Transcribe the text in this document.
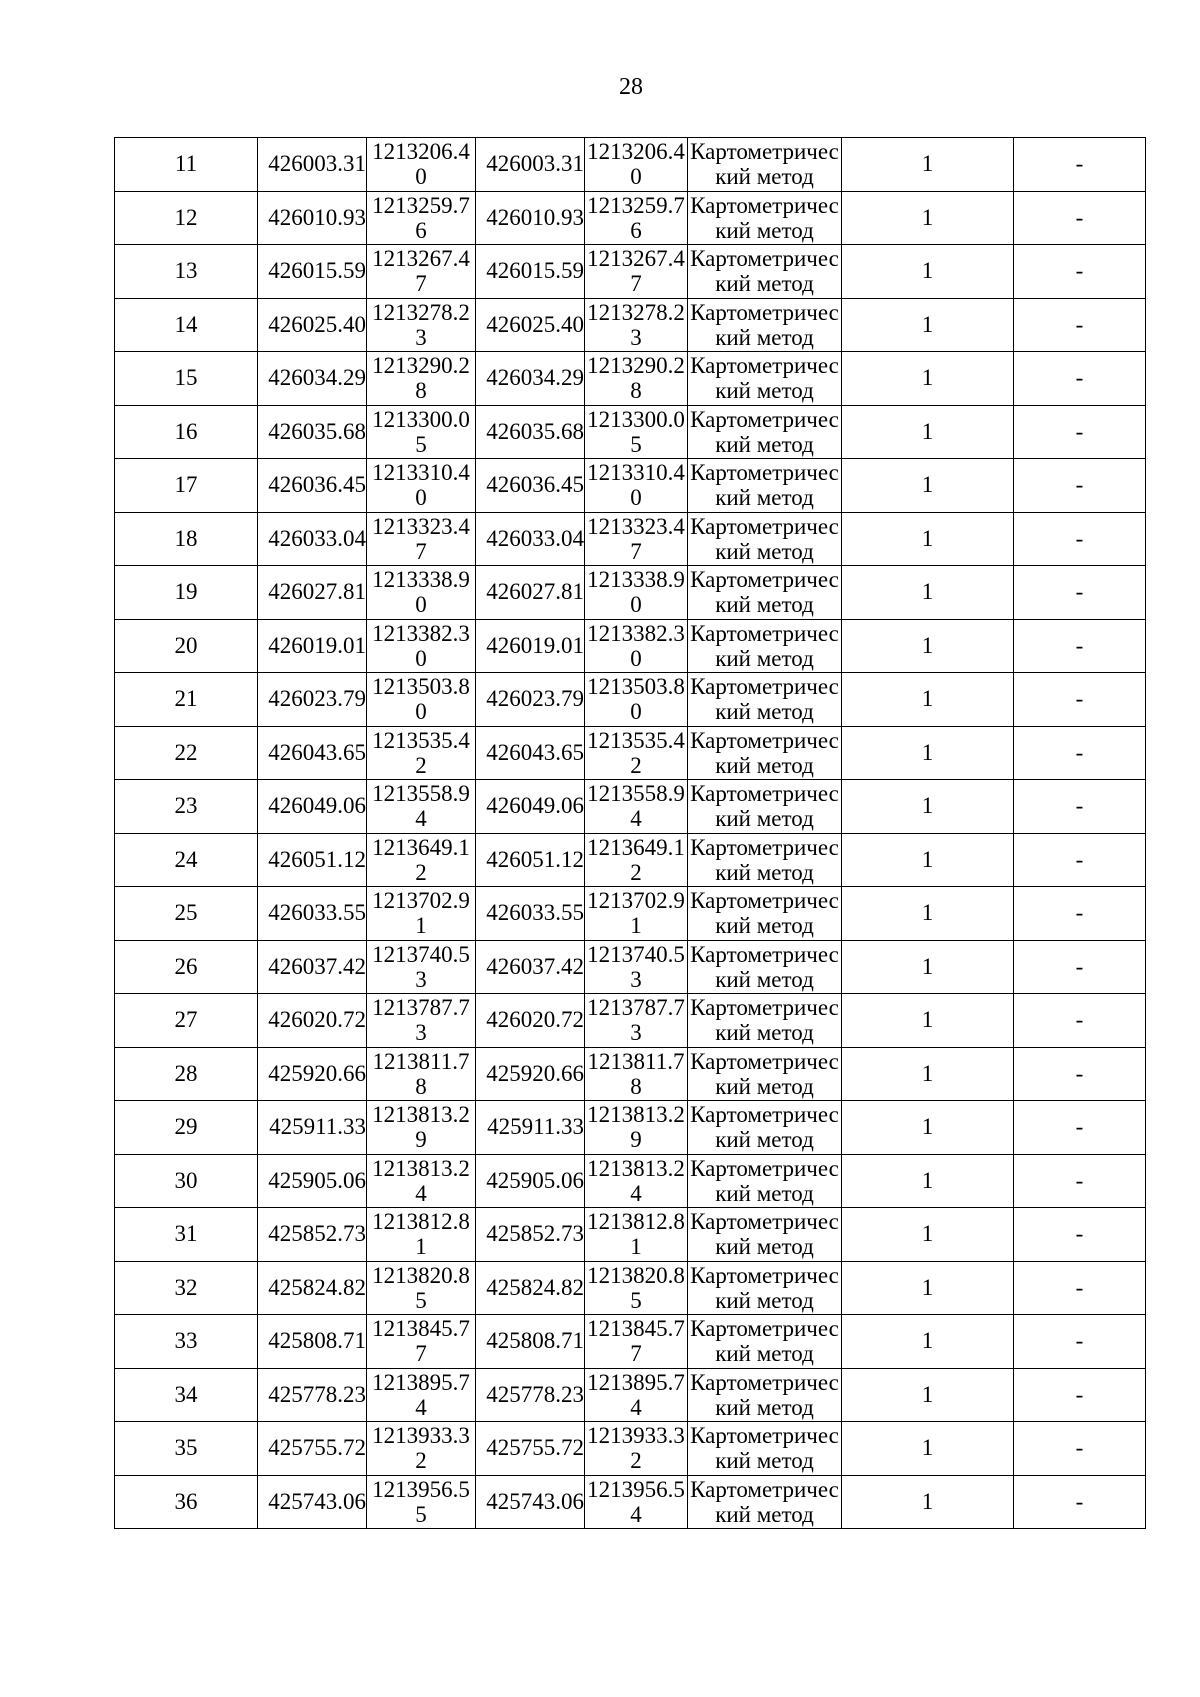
28
11	426003.31	1213206.40	426003.31	1213206.40	Картометрический метод	1	-
12	426010.93	1213259.76	426010.93	1213259.76	Картометрический метод	1	-
13	426015.59	1213267.47	426015.59	1213267.47	Картометрический метод	1	-
14	426025.40	1213278.23	426025.40	1213278.23	Картометрический метод	1	-
15	426034.29	1213290.28	426034.29	1213290.28	Картометрический метод	1	-
16	426035.68	1213300.05	426035.68	1213300.05	Картометрический метод	1	-
17	426036.45	1213310.40	426036.45	1213310.40	Картометрический метод	1	-
18	426033.04	1213323.47	426033.04	1213323.47	Картометрический метод	1	-
19	426027.81	1213338.90	426027.81	1213338.90	Картометрический метод	1	-
20	426019.01	1213382.30	426019.01	1213382.30	Картометрический метод	1	-
21	426023.79	1213503.80	426023.79	1213503.80	Картометрический метод	1	-
22	426043.65	1213535.42	426043.65	1213535.42	Картометрический метод	1	-
23	426049.06	1213558.94	426049.06	1213558.94	Картометрический метод	1	-
24	426051.12	1213649.12	426051.12	1213649.12	Картометрический метод	1	-
25	426033.55	1213702.91	426033.55	1213702.91	Картометрический метод	1	-
26	426037.42	1213740.53	426037.42	1213740.53	Картометрический метод	1	-
27	426020.72	1213787.73	426020.72	1213787.73	Картометрический метод	1	-
28	425920.66	1213811.78	425920.66	1213811.78	Картометрический метод	1	-
29	425911.33	1213813.29	425911.33	1213813.29	Картометрический метод	1	-
30	425905.06	1213813.24	425905.06	1213813.24	Картометрический метод	1	-
31	425852.73	1213812.81	425852.73	1213812.81	Картометрический метод	1	-
32	425824.82	1213820.85	425824.82	1213820.85	Картометрический метод	1	-
33	425808.71	1213845.77	425808.71	1213845.77	Картометрический метод	1	-
34	425778.23	1213895.74	425778.23	1213895.74	Картометрический метод	1	-
35	425755.72	1213933.32	425755.72	1213933.32	Картометрический метод	1	-
36	425743.06	1213956.55	425743.06	1213956.54	Картометрический метод	1	-
